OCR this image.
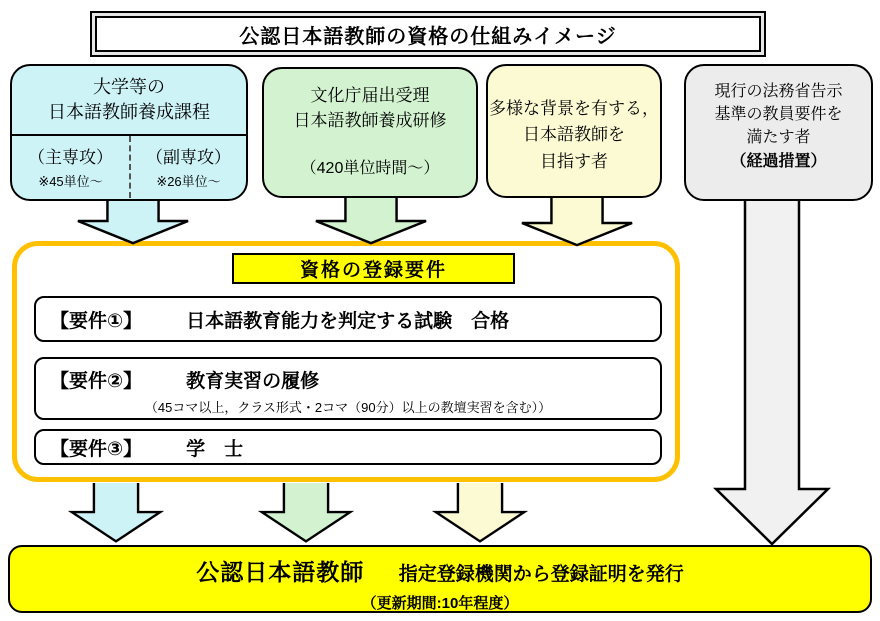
公認日本語教師の資格の仕組みイメージ
大学等の
日本語教師養成課程
（主専攻）
※45単位～
（副専攻）
※26単位～
文化庁届出受理
日本語教師養成研修
（420単位時間～）
多様な背景を有する，
日本語教師を
目指す者
現行の法務省告示
基準の教員要件を
満たす者
（経過措置）
資格の登録要件
【要件①】 日本語教育能力を判定する試験　合格
【要件②】 教育実習の履修
（45コマ以上，クラス形式・2コマ（90分）以上の教壇実習を含む））
【要件③】 学　士
公認日本語教師 指定登録機関から登録証明を発行
（更新期間:10年程度）
